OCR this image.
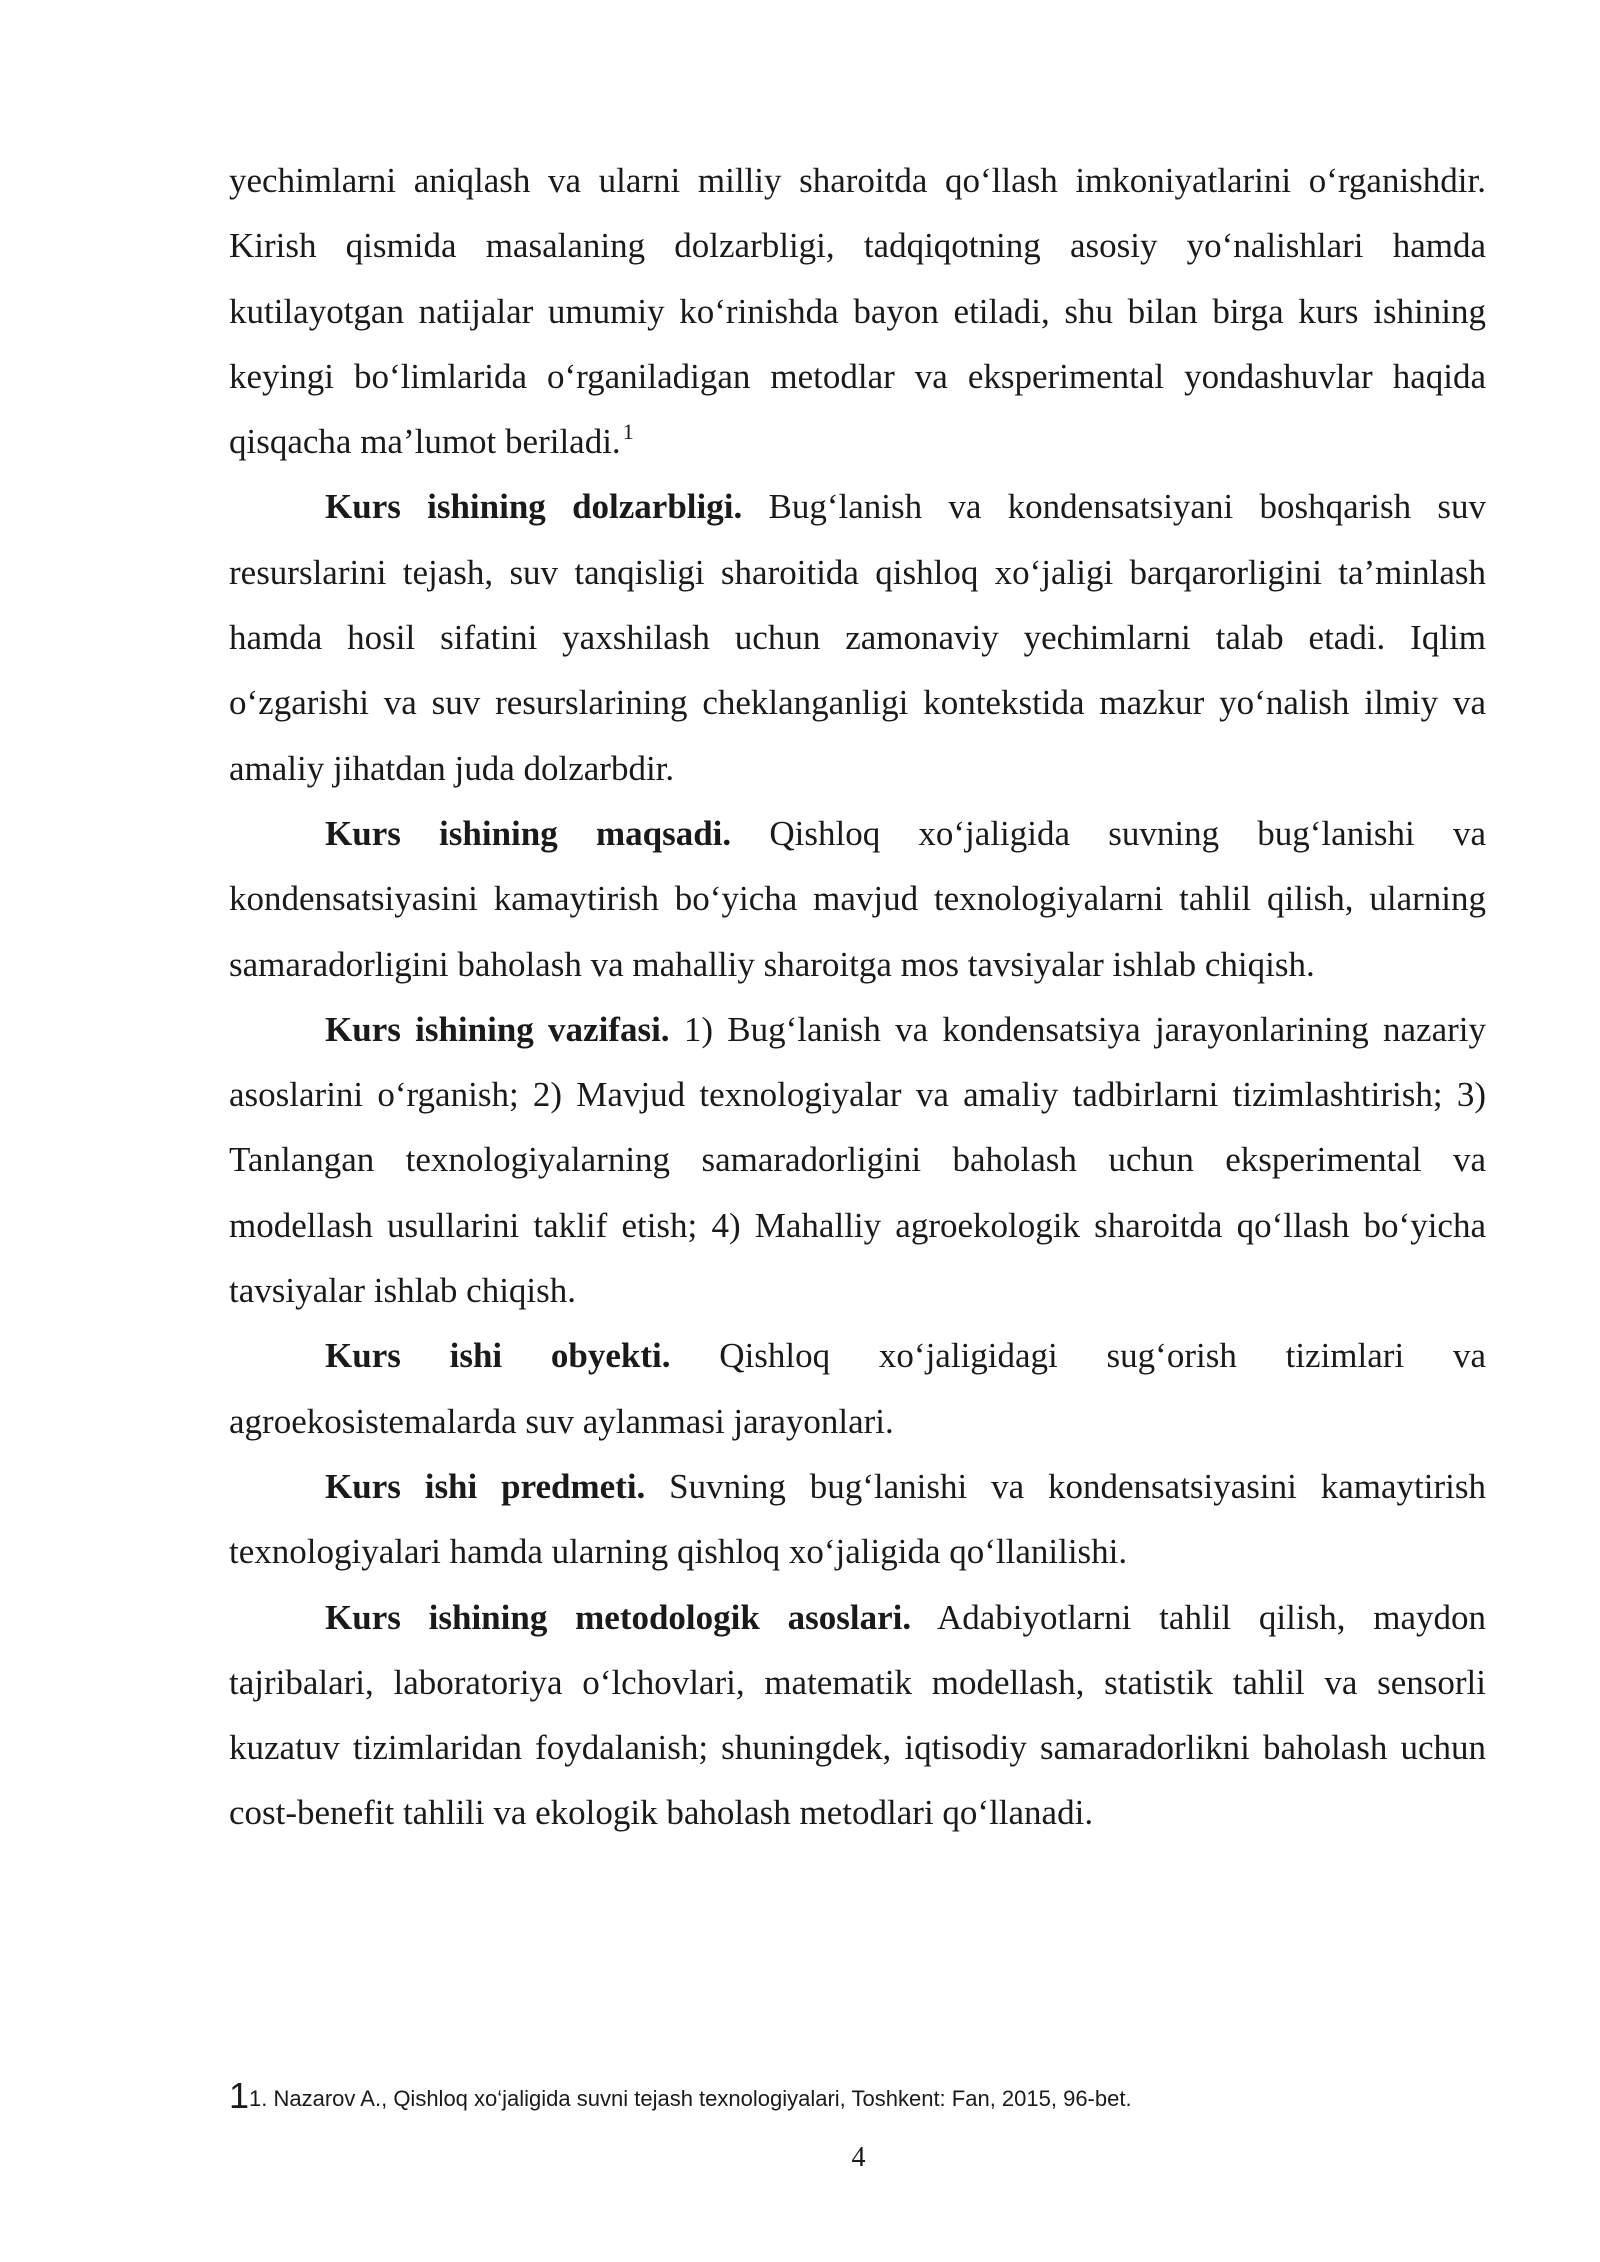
yechimlarni aniqlash va ularni milliy sharoitda qo‘llash imkoniyatlarini o‘rganishdir. Kirish qismida masalaning dolzarbligi, tadqiqotning asosiy yo‘nalishlari hamda kutilayotgan natijalar umumiy ko‘rinishda bayon etiladi, shu bilan birga kurs ishining keyingi bo‘limlarida o‘rganiladigan metodlar va eksperimental yondashuvlar haqida qisqacha ma’lumot beriladi.$^1$

Kurs ishining dolzarbligi. Bug‘lanish va kondensatsiyani boshqarish suv resurslarini tejash, suv tanqisligi sharoitida qishloq xo‘jaligi barqarorligini ta’minlash hamda hosil sifatini yaxshilash uchun zamonaviy yechimlarni talab etadi. Iqlim o‘zgarishi va suv resurslarining cheklanganligi kontekstida mazkur yo‘nalish ilmiy va amaliy jihatdan juda dolzarbdir.

Kurs ishining maqsadi. Qishloq xo‘jaligida suvning bug‘lanishi va kondensatsiyasini kamaytirish bo‘yicha mavjud texnologiyalarni tahlil qilish, ularning samaradorligini baholash va mahalliy sharoitga mos tavsiyalar ishlab chiqish.

Kurs ishining vazifasi. 1) Bug‘lanish va kondensatsiya jarayonlarining nazariy asoslarini o‘rganish; 2) Mavjud texnologiyalar va amaliy tadbirlarni tizimlashtirish; 3) Tanlangan texnologiyalarning samaradorligini baholash uchun eksperimental va modellash usullarini taklif etish; 4) Mahalliy agroekologik sharoitda qo‘llash bo‘yicha tavsiyalar ishlab chiqish.

Kurs ishi obyekti. Qishloq xo‘jaligidagi sug‘orish tizimlari va agroekosistemalarda suv aylanmasi jarayonlari.

Kurs ishi predmeti. Suvning bug‘lanishi va kondensatsiyasini kamaytirish texnologiyalari hamda ularning qishloq xo‘jaligida qo‘llanilishi.

Kurs ishining metodologik asoslari. Adabiyotlarni tahlil qilish, maydon tajribalari, laboratoriya o‘lchovlari, matematik modellash, statistik tahlil va sensorli kuzatuv tizimlaridan foydalanish; shuningdek, iqtisodiy samaradorlikni baholash uchun cost-benefit tahlili va ekologik baholash metodlari qo‘llanadi.

11. Nazarov A., Qishloq xo‘jaligida suvni tejash texnologiyalari, Toshkent: Fan, 2015, 96-bet.
4
